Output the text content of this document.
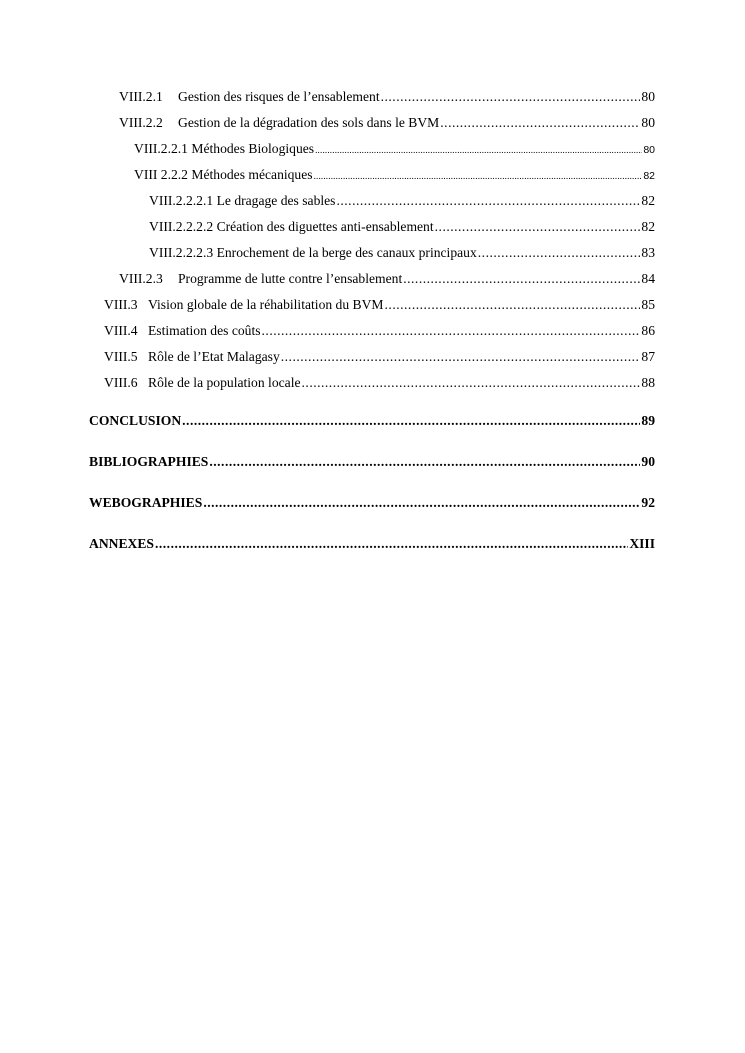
VIII.2.1 Gestion des risques de l’ensablement .....	80
VIII.2.2 Gestion de la dégradation des sols dans le BVM .....	80
VIII.2.2.1 Méthodes Biologiques .....	80
VIII 2.2.2 Méthodes mécaniques .....	82
VIII.2.2.2.1 Le dragage des sables .....	82
VIII.2.2.2.2 Création des diguettes anti-ensablement .....	82
VIII.2.2.2.3 Enrochement de la berge des canaux principaux .....	83
VIII.2.3 Programme de lutte contre l’ensablement .....	84
VIII.3 Vision globale de la réhabilitation du BVM .....	85
VIII.4 Estimation des coûts .....	86
VIII.5 Rôle de l’Etat Malagasy .....	87
VIII.6 Rôle de la population locale .....	88
CONCLUSION .....	89
BIBLIOGRAPHIES .....	90
WEBOGRAPHIES .....	92
ANNEXES .....	XIII
